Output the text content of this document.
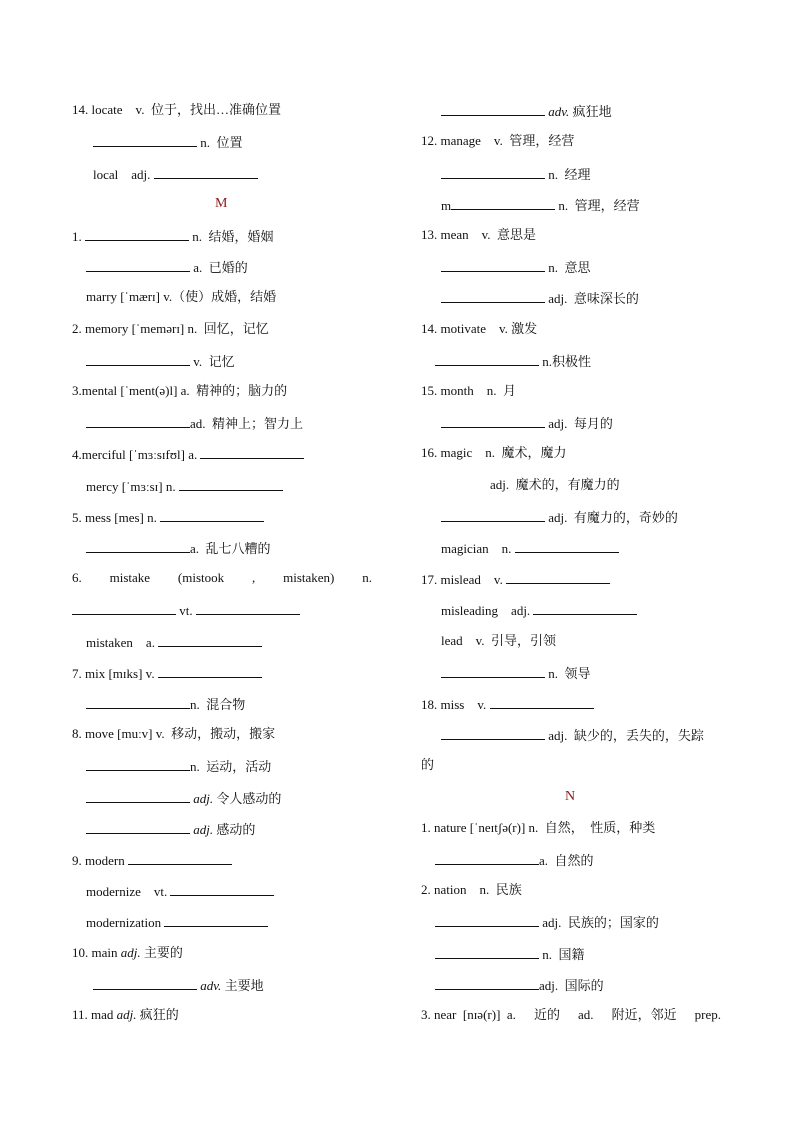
14. locate    v.  位于，找出…准确位置
n.  位置
local    adj.
M
1.	n.  结婚，婚姻
a.  已婚的
marry [ˈmærɪ] v.（使）成婚，结婚
2. memory [ˈmemərɪ] n.  回忆，记忆
v.  记忆
3.mental [ˈment(ə)l] a.  精神的；脑力的
ad.  精神上；智力上
4.merciful [ˈmɜːsɪfʊl] a.
mercy [ˈmɜːsɪ] n.
5. mess [mes] n.
a.  乱七八糟的
6. mistake (mistook , mistaken) n.
vt.
mistaken    a.
7. mix [mɪks] v.
n.  混合物
8. move [muːv] v.  移动，搬动，搬家
n.  运动，活动
adj. 令人感动的
adj. 感动的
9. modern
modernize    vt.
modernization
10. main adj. 主要的
adv. 主要地
11. mad adj. 疯狂的
adv. 疯狂地
12. manage    v.  管理，经营
n.  经理
m	n.  管理，经营
13. mean    v.  意思是
n.  意思
adj.  意味深长的
14. motivate    v. 激发
n.积极性
15. month    n.  月
adj.  每月的
16. magic    n.  魔术，魔力
adj.  魔术的，有魔力的
adj.  有魔力的，奇妙的
magician    n.
17. mislead    v.
misleading    adj.
lead    v.  引导，引领
n.  领导
18. miss    v.
adj.  缺少的，丢失的，失踪
的
N
1. nature [ˈneɪtʃə(r)] n.  自然，  性质，种类
a.  自然的
2. nation    n.  民族
adj.  民族的；国家的
n.  国籍
adj.  国际的
3. near  [nɪə(r)]  a. 近的 ad. 附近，邻近 prep.
